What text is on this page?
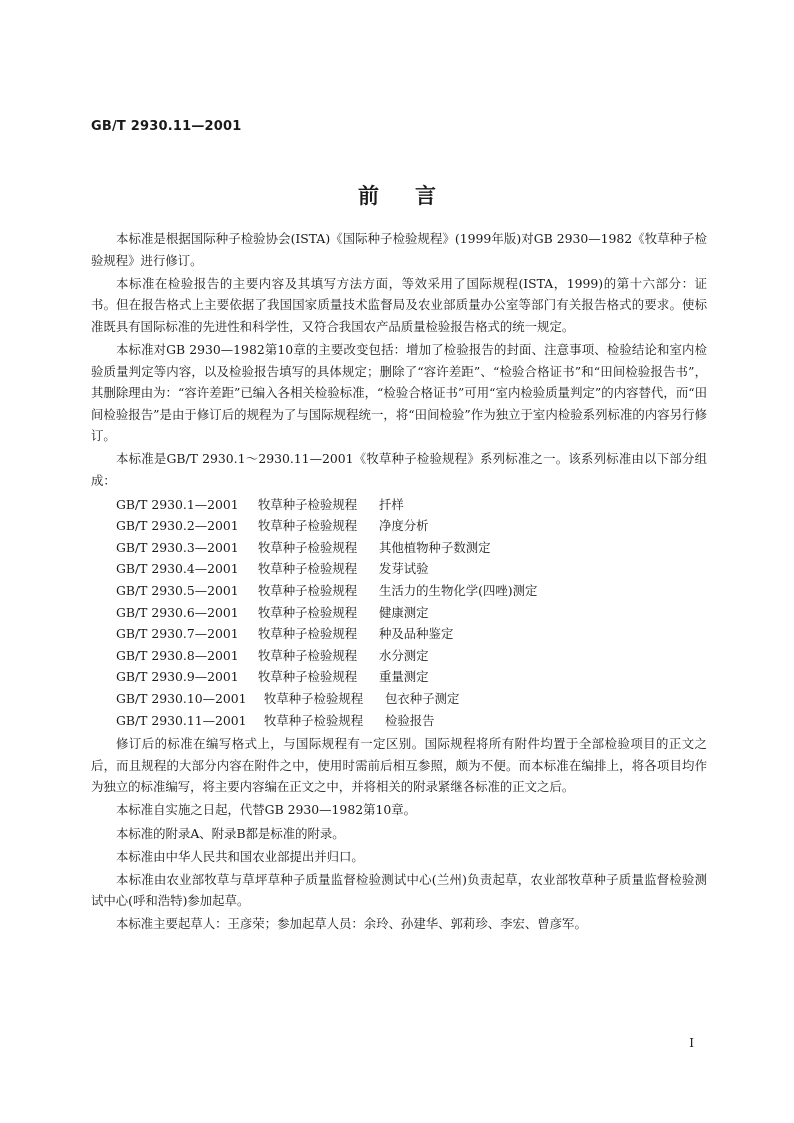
GB/T 2930.11—2001
前言

本标准是根据国际种子检验协会(ISTA)《国际种子检验规程》(1999年版)对GB 2930—1982《牧草种子检验规程》进行修订。

本标准在检验报告的主要内容及其填写方法方面，等效采用了国际规程(ISTA，1999)的第十六部分：证书。但在报告格式上主要依据了我国国家质量技术监督局及农业部质量办公室等部门有关报告格式的要求。使标准既具有国际标准的先进性和科学性，又符合我国农产品质量检验报告格式的统一规定。

本标准对GB 2930—1982第10章的主要改变包括：增加了检验报告的封面、注意事项、检验结论和室内检验质量判定等内容，以及检验报告填写的具体规定；删除了“容许差距”、“检验合格证书”和“田间检验报告书”，其删除理由为：“容许差距”已编入各相关检验标准，“检验合格证书”可用“室内检验质量判定”的内容替代，而“田间检验报告”是由于修订后的规程为了与国际规程统一，将“田间检验”作为独立于室内检验系列标准的内容另行修订。

本标准是GB/T 2930.1～2930.11—2001《牧草种子检验规程》系列标准之一。该系列标准由以下部分组成：

GB/T 2930.1—2001 牧草种子检验规程 扦样
GB/T 2930.2—2001 牧草种子检验规程 净度分析
GB/T 2930.3—2001 牧草种子检验规程 其他植物种子数测定
GB/T 2930.4—2001 牧草种子检验规程 发芽试验
GB/T 2930.5—2001 牧草种子检验规程 生活力的生物化学(四唑)测定
GB/T 2930.6—2001 牧草种子检验规程 健康测定
GB/T 2930.7—2001 牧草种子检验规程 种及品种鉴定
GB/T 2930.8—2001 牧草种子检验规程 水分测定
GB/T 2930.9—2001 牧草种子检验规程 重量测定
GB/T 2930.10—2001 牧草种子检验规程 包衣种子测定
GB/T 2930.11—2001 牧草种子检验规程 检验报告

修订后的标准在编写格式上，与国际规程有一定区别。国际规程将所有附件均置于全部检验项目的正文之后，而且规程的大部分内容在附件之中，使用时需前后相互参照，颇为不便。而本标准在编排上，将各项目均作为独立的标准编写，将主要内容编在正文之中，并将相关的附录紧继各标准的正文之后。

本标准自实施之日起，代替GB 2930—1982第10章。

本标准的附录A、附录B都是标准的附录。

本标准由中华人民共和国农业部提出并归口。

本标准由农业部牧草与草坪草种子质量监督检验测试中心(兰州)负责起草，农业部牧草种子质量监督检验测试中心(呼和浩特)参加起草。

本标准主要起草人：王彦荣；参加起草人员：余玲、孙建华、郭莉珍、李宏、曾彦军。

I
